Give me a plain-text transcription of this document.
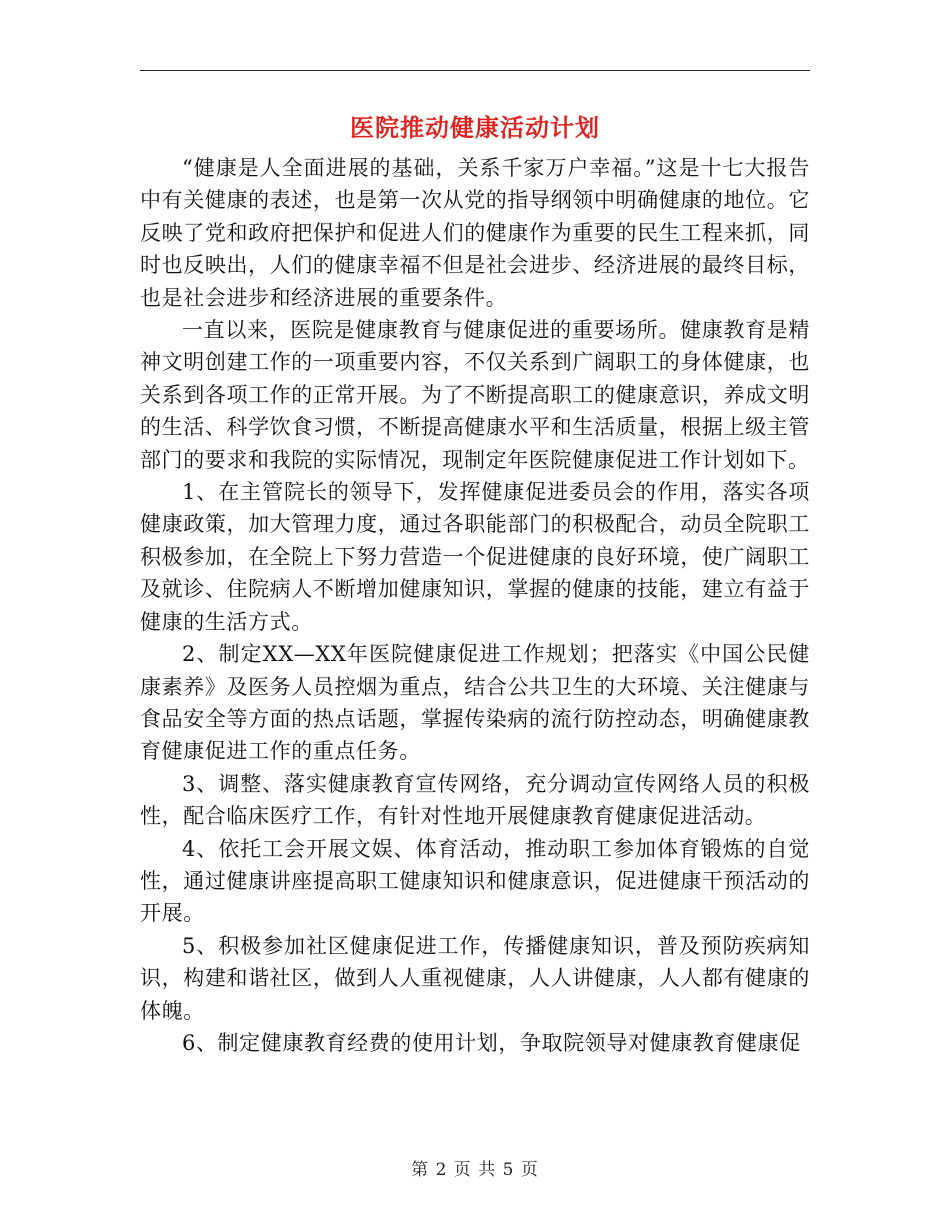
医院推动健康活动计划

“健康是人全面进展的基础，关系千家万户幸福。”这是十七大报告中有关健康的表述，也是第一次从党的指导纲领中明确健康的地位。它反映了党和政府把保护和促进人们的健康作为重要的民生工程来抓，同时也反映出，人们的健康幸福不但是社会进步、经济进展的最终目标，也是社会进步和经济进展的重要条件。

一直以来，医院是健康教育与健康促进的重要场所。健康教育是精神文明创建工作的一项重要内容，不仅关系到广阔职工的身体健康，也关系到各项工作的正常开展。为了不断提高职工的健康意识，养成文明的生活、科学饮食习惯，不断提高健康水平和生活质量，根据上级主管部门的要求和我院的实际情况，现制定年医院健康促进工作计划如下。

1、在主管院长的领导下，发挥健康促进委员会的作用，落实各项健康政策，加大管理力度，通过各职能部门的积极配合，动员全院职工积极参加，在全院上下努力营造一个促进健康的良好环境，使广阔职工及就诊、住院病人不断增加健康知识，掌握的健康的技能，建立有益于健康的生活方式。

2、制定XX—XX年医院健康促进工作规划；把落实《中国公民健康素养》及医务人员控烟为重点，结合公共卫生的大环境、关注健康与食品安全等方面的热点话题，掌握传染病的流行防控动态，明确健康教育健康促进工作的重点任务。

3、调整、落实健康教育宣传网络，充分调动宣传网络人员的积极性，配合临床医疗工作，有针对性地开展健康教育健康促进活动。

4、依托工会开展文娱、体育活动，推动职工参加体育锻炼的自觉性，通过健康讲座提高职工健康知识和健康意识，促进健康干预活动的开展。

5、积极参加社区健康促进工作，传播健康知识，普及预防疾病知识，构建和谐社区，做到人人重视健康，人人讲健康，人人都有健康的体魄。

6、制定健康教育经费的使用计划，争取院领导对健康教育健康促

第 2 页 共 5 页
